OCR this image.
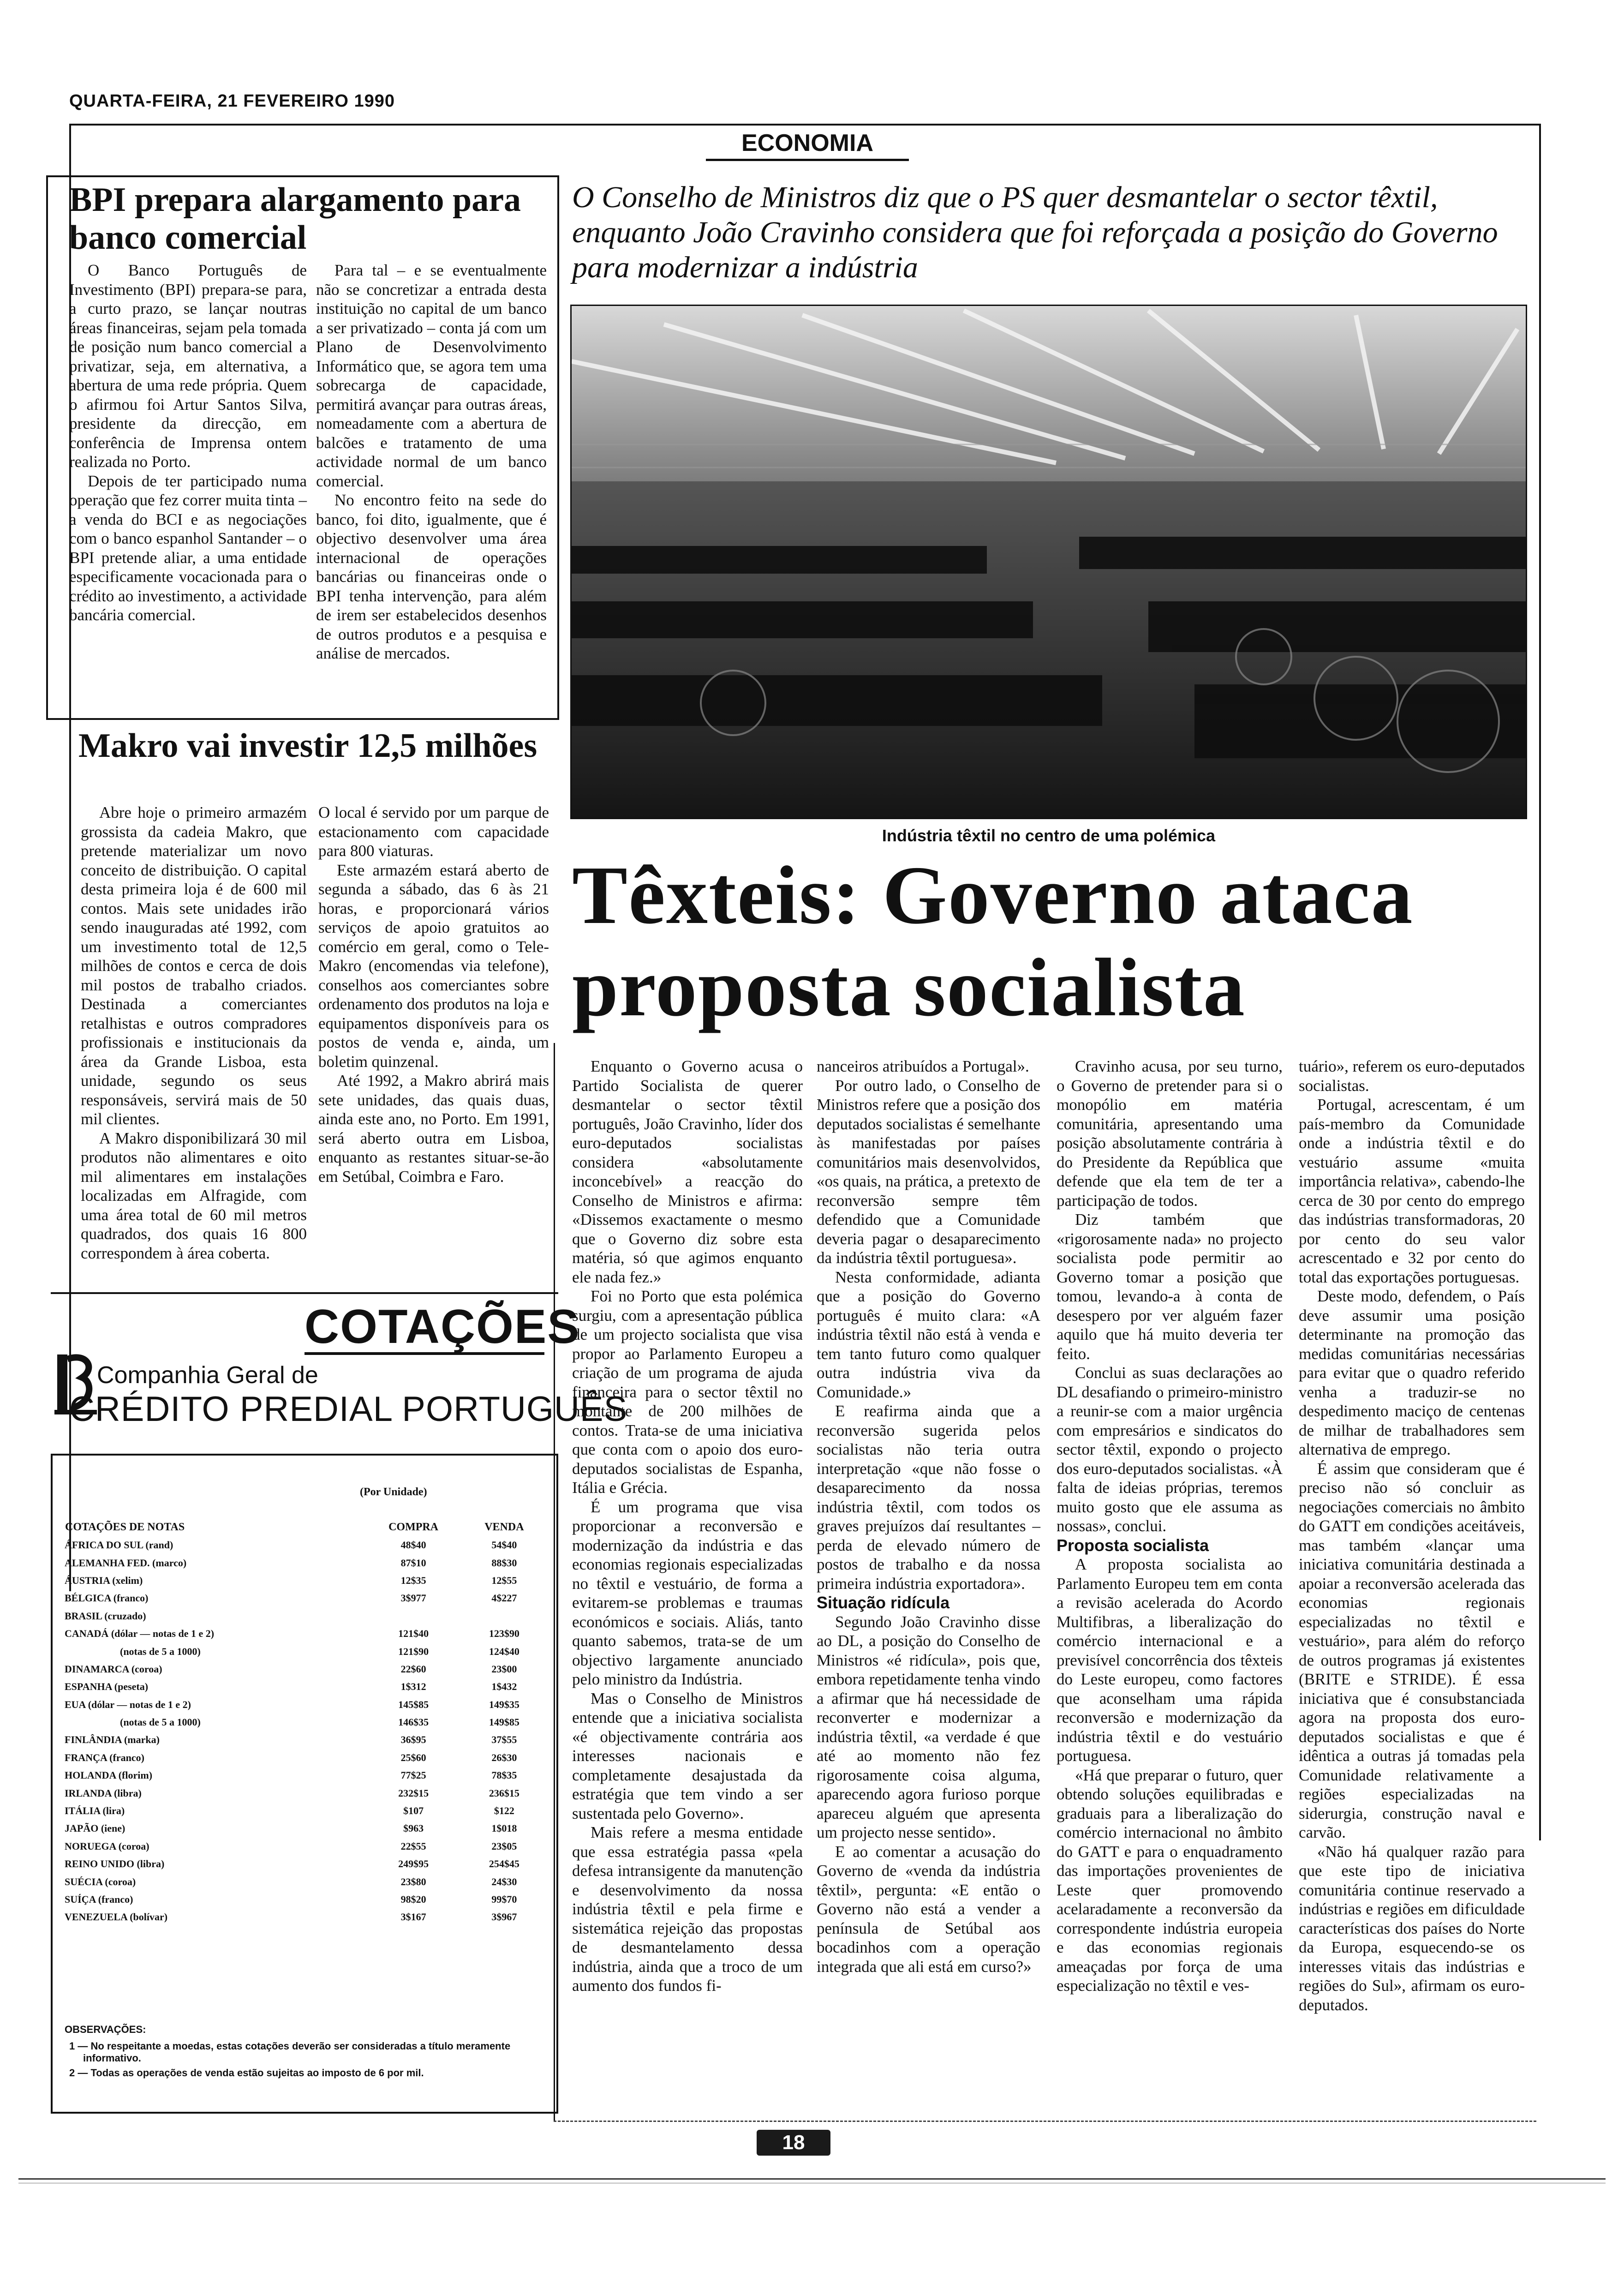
QUARTA-FEIRA, 21 FEVEREIRO 1990
ECONOMIA
BPI prepara alargamento para banco comercial

O Banco Português de Investimento (BPI) prepara-se para, a curto prazo, se lançar noutras áreas financeiras, sejam pela tomada de posição num banco comercial a privatizar, seja, em alternativa, a abertura de uma rede própria. Quem o afirmou foi Artur Santos Silva, presidente da direcção, em conferência de Imprensa ontem realizada no Porto.

Depois de ter participado numa operação que fez correr muita tinta – a venda do BCI e as negociações com o banco espanhol Santander – o BPI pretende aliar, a uma entidade especificamente vocacionada para o crédito ao investimento, a actividade bancária comercial.

Para tal – e se eventualmente não se concretizar a entrada desta instituição no capital de um banco a ser privatizado – conta já com um Plano de Desenvolvimento Informático que, se agora tem uma sobrecarga de capacidade, permitirá avançar para outras áreas, nomeadamente com a abertura de balcões e tratamento de uma actividade normal de um banco comercial.

No encontro feito na sede do banco, foi dito, igualmente, que é objectivo desenvolver uma área internacional de operações bancárias ou financeiras onde o BPI tenha intervenção, para além de irem ser estabelecidos desenhos de outros produtos e a pesquisa e análise de mercados.

Makro vai investir 12,5 milhões

Abre hoje o primeiro armazém grossista da cadeia Makro, que pretende materializar um novo conceito de distribuição. O capital desta primeira loja é de 600 mil contos. Mais sete unidades irão sendo inauguradas até 1992, com um investimento total de 12,5 milhões de contos e cerca de dois mil postos de trabalho criados. Destinada a comerciantes retalhistas e outros compradores profissionais e institucionais da área da Grande Lisboa, esta unidade, segundo os seus responsáveis, servirá mais de 50 mil clientes.

A Makro disponibilizará 30 mil produtos não alimentares e oito mil alimentares em instalações localizadas em Alfragide, com uma área total de 60 mil metros quadrados, dos quais 16 800 correspondem à área coberta.

O local é servido por um parque de estacionamento com capacidade para 800 viaturas.

Este armazém estará aberto de segunda a sábado, das 6 às 21 horas, e proporcionará vários serviços de apoio gratuitos ao comércio em geral, como o Tele-Makro (encomendas via telefone), conselhos aos comerciantes sobre ordenamento dos produtos na loja e equipamentos disponíveis para os postos de venda e, ainda, um boletim quinzenal.

Até 1992, a Makro abrirá mais sete unidades, das quais duas, ainda este ano, no Porto. Em 1991, será aberto outra em Lisboa, enquanto as restantes situar-se-ão em Setúbal, Coimbra e Faro.

COTAÇÕES
Companhia Geral de
CRÉDITO PREDIAL PORTUGUÊS
(Por Unidade)
COTAÇÕES DE NOTAS	COMPRA	VENDA
ÁFRICA DO SUL (rand)	48$40	54$40
ALEMANHA FED. (marco)	87$10	88$30
ÁUSTRIA (xelim)	12$35	12$55
BÉLGICA (franco)	3$977	4$227
BRASIL (cruzado)		
CANADÁ (dólar — notas de 1 e 2)	121$40	123$90
(notas de 5 a 1000)	121$90	124$40
DINAMARCA (coroa)	22$60	23$00
ESPANHA (peseta)	1$312	1$432
EUA (dólar — notas de 1 e 2)	145$85	149$35
(notas de 5 a 1000)	146$35	149$85
FINLÂNDIA (marka)	36$95	37$55
FRANÇA (franco)	25$60	26$30
HOLANDA (florim)	77$25	78$35
IRLANDA (libra)	232$15	236$15
ITÁLIA (lira)	$107	$122
JAPÃO (iene)	$963	1$018
NORUEGA (coroa)	22$55	23$05
REINO UNIDO (libra)	249$95	254$45
SUÉCIA (coroa)	23$80	24$30
SUÍÇA (franco)	98$20	99$70
VENEZUELA (bolívar)	3$167	3$967

OBSERVAÇÕES:

1 — No respeitante a moedas, estas cotações deverão ser consideradas a título meramente informativo.

2 — Todas as operações de venda estão sujeitas ao imposto de 6 por mil.

O Conselho de Ministros diz que o PS quer desmantelar o sector têxtil, enquanto João Cravinho considera que foi reforçada a posição do Governo para modernizar a indústria
Indústria têxtil no centro de uma polémica
Têxteis: Governo ataca proposta socialista

Enquanto o Governo acusa o Partido Socialista de querer desmantelar o sector têxtil português, João Cravinho, líder dos euro-deputados socialistas considera «absolutamente inconcebível» a reacção do Conselho de Ministros e afirma: «Dissemos exactamente o mesmo que o Governo diz sobre esta matéria, só que agimos enquanto ele nada fez.»

Foi no Porto que esta polémica surgiu, com a apresentação pública de um projecto socialista que visa propor ao Parlamento Europeu a criação de um programa de ajuda financeira para o sector têxtil no montante de 200 milhões de contos. Trata-se de uma iniciativa que conta com o apoio dos euro-deputados socialistas de Espanha, Itália e Grécia.

É um programa que visa proporcionar a reconversão e modernização da indústria e das economias regionais especializadas no têxtil e vestuário, de forma a evitarem-se problemas e traumas económicos e sociais. Aliás, tanto quanto sabemos, trata-se de um objectivo largamente anunciado pelo ministro da Indústria.

Mas o Conselho de Ministros entende que a iniciativa socialista «é objectivamente contrária aos interesses nacionais e completamente desajustada da estratégia que tem vindo a ser sustentada pelo Governo».

Mais refere a mesma entidade que essa estratégia passa «pela defesa intransigente da manutenção e desenvolvimento da nossa indústria têxtil e pela firme e sistemática rejeição das propostas de desmantelamento dessa indústria, ainda que a troco de um aumento dos fundos fi-

nanceiros atribuídos a Portugal».

Por outro lado, o Conselho de Ministros refere que a posição dos deputados socialistas é semelhante às manifestadas por países comunitários mais desenvolvidos, «os quais, na prática, a pretexto de reconversão sempre têm defendido que a Comunidade deveria pagar o desaparecimento da indústria têxtil portuguesa».

Nesta conformidade, adianta que a posição do Governo português é muito clara: «A indústria têxtil não está à venda e tem tanto futuro como qualquer outra indústria viva da Comunidade.»

E reafirma ainda que a reconversão sugerida pelos socialistas não teria outra interpretação «que não fosse o desaparecimento da nossa indústria têxtil, com todos os graves prejuízos daí resultantes – perda de elevado número de postos de trabalho e da nossa primeira indústria exportadora».

Situação ridícula

Segundo João Cravinho disse ao DL, a posição do Conselho de Ministros «é ridícula», pois que, embora repetidamente tenha vindo a afirmar que há necessidade de reconverter e modernizar a indústria têxtil, «a verdade é que até ao momento não fez rigorosamente coisa alguma, aparecendo agora furioso porque apareceu alguém que apresenta um projecto nesse sentido».

E ao comentar a acusação do Governo de «venda da indústria têxtil», pergunta: «E então o Governo não está a vender a península de Setúbal aos bocadinhos com a operação integrada que ali está em curso?»

Cravinho acusa, por seu turno, o Governo de pretender para si o monopólio em matéria comunitária, apresentando uma posição absolutamente contrária à do Presidente da República que defende que ela tem de ter a participação de todos.

Diz também que «rigorosamente nada» no projecto socialista pode permitir ao Governo tomar a posição que tomou, levando-a à conta de desespero por ver alguém fazer aquilo que há muito deveria ter feito.

Conclui as suas declarações ao DL desafiando o primeiro-ministro a reunir-se com a maior urgência com empresários e sindicatos do sector têxtil, expondo o projecto dos euro-deputados socialistas. «À falta de ideias próprias, teremos muito gosto que ele assuma as nossas», conclui.

Proposta socialista

A proposta socialista ao Parlamento Europeu tem em conta a revisão acelerada do Acordo Multifibras, a liberalização do comércio internacional e a previsível concorrência dos têxteis do Leste europeu, como factores que aconselham uma rápida reconversão e modernização da indústria têxtil e do vestuário portuguesa.

«Há que preparar o futuro, quer obtendo soluções equilibradas e graduais para a liberalização do comércio internacional no âmbito do GATT e para o enquadramento das importações provenientes de Leste quer promovendo acelaradamente a reconversão da correspondente indústria europeia e das economias regionais ameaçadas por força de uma especialização no têxtil e ves-

tuário», referem os euro-deputados socialistas.

Portugal, acrescentam, é um país-membro da Comunidade onde a indústria têxtil e do vestuário assume «muita importância relativa», cabendo-lhe cerca de 30 por cento do emprego das indústrias transformadoras, 20 por cento do seu valor acrescentado e 32 por cento do total das exportações portuguesas.

Deste modo, defendem, o País deve assumir uma posição determinante na promoção das medidas comunitárias necessárias para evitar que o quadro referido venha a traduzir-se no despedimento maciço de centenas de milhar de trabalhadores sem alternativa de emprego.

É assim que consideram que é preciso não só concluir as negociações comerciais no âmbito do GATT em condições aceitáveis, mas também «lançar uma iniciativa comunitária destinada a apoiar a reconversão acelerada das economias regionais especializadas no têxtil e vestuário», para além do reforço de outros programas já existentes (BRITE e STRIDE). É essa iniciativa que é consubstanciada agora na proposta dos euro-deputados socialistas e que é idêntica a outras já tomadas pela Comunidade relativamente a regiões especializadas na siderurgia, construção naval e carvão.

«Não há qualquer razão para que este tipo de iniciativa comunitária continue reservado a indústrias e regiões em dificuldade características dos países do Norte da Europa, esquecendo-se os interesses vitais das indústrias e regiões do Sul», afirmam os euro-deputados.

18
